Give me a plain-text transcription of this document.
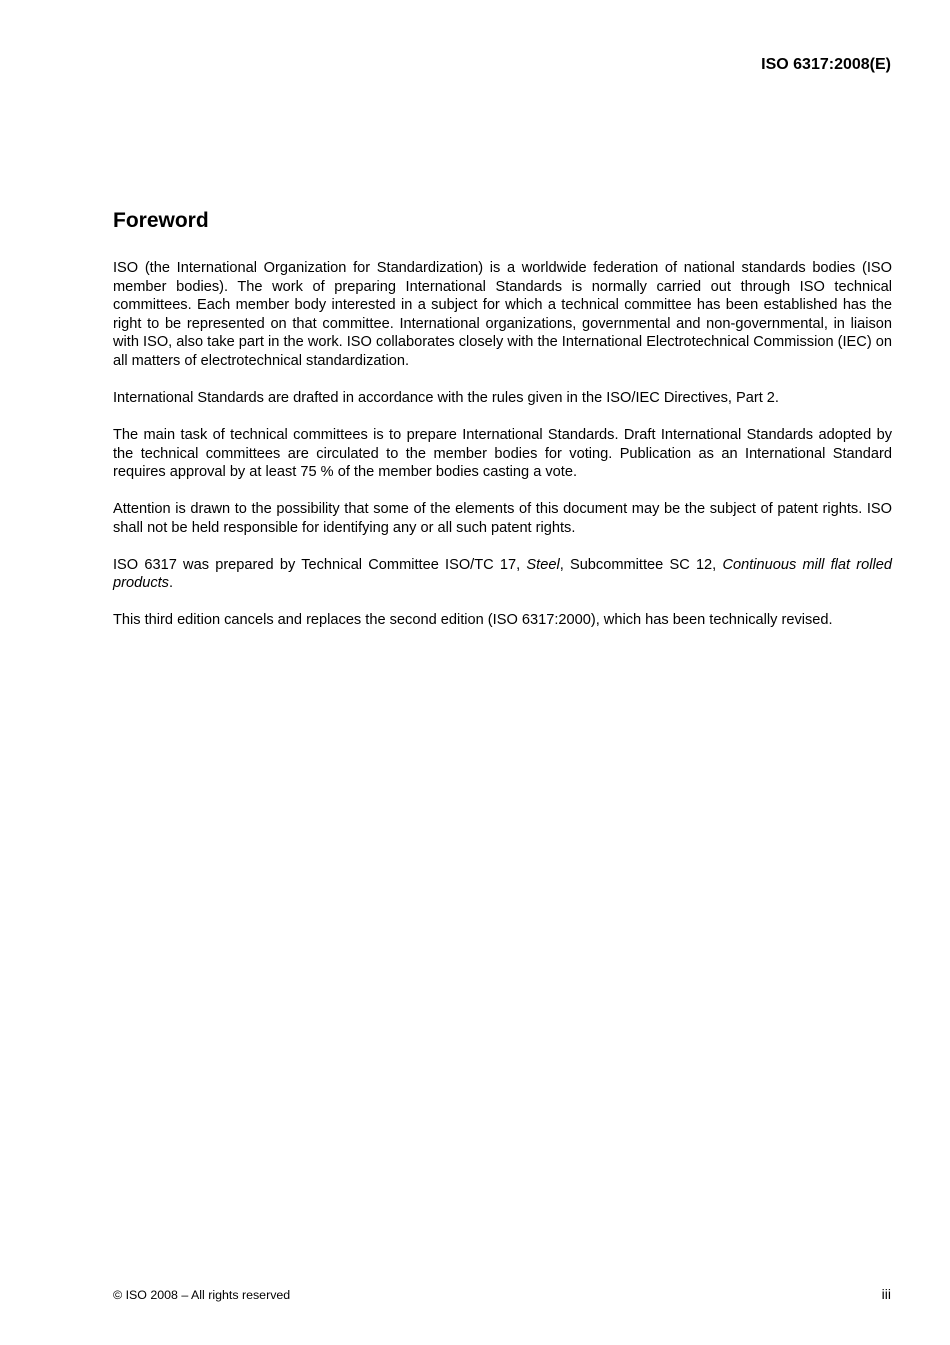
ISO 6317:2008(E)
Foreword

ISO (the International Organization for Standardization) is a worldwide federation of national standards bodies (ISO member bodies). The work of preparing International Standards is normally carried out through ISO technical committees. Each member body interested in a subject for which a technical committee has been established has the right to be represented on that committee. International organizations, governmental and non-governmental, in liaison with ISO, also take part in the work. ISO collaborates closely with the International Electrotechnical Commission (IEC) on all matters of electrotechnical standardization.

International Standards are drafted in accordance with the rules given in the ISO/IEC Directives, Part 2.

The main task of technical committees is to prepare International Standards. Draft International Standards adopted by the technical committees are circulated to the member bodies for voting. Publication as an International Standard requires approval by at least 75 % of the member bodies casting a vote.

Attention is drawn to the possibility that some of the elements of this document may be the subject of patent rights. ISO shall not be held responsible for identifying any or all such patent rights.

ISO 6317 was prepared by Technical Committee ISO/TC 17, Steel, Subcommittee SC 12, Continuous mill flat rolled products.

This third edition cancels and replaces the second edition (ISO 6317:2000), which has been technically revised.

© ISO 2008 – All rights reserved	iii
